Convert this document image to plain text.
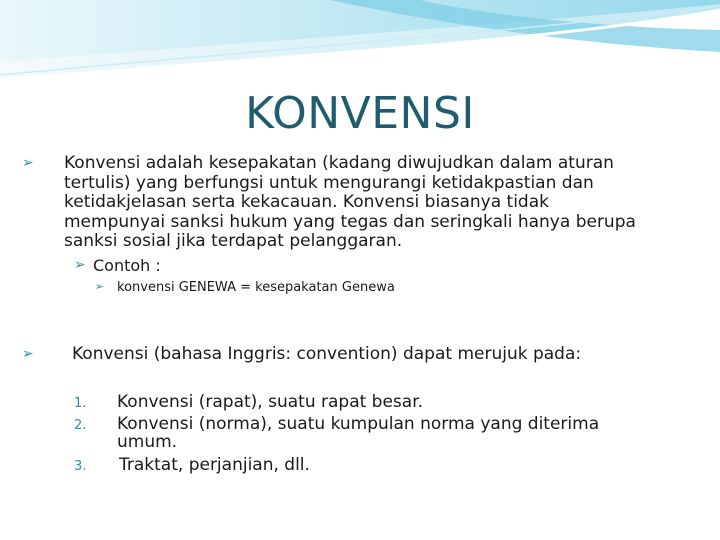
KONVENSI
➢ Konvensi adalah kesepakatan (kadang diwujudkan dalam aturan
tertulis) yang berfungsi untuk mengurangi ketidakpastian dan
ketidakjelasan serta kekacauan. Konvensi biasanya tidak
mempunyai sanksi hukum yang tegas dan seringkali hanya berupa
sanksi sosial jika terdapat pelanggaran.
➢ Contoh :
➢ konvensi GENEWA = kesepakatan Genewa
➢ Konvensi (bahasa Inggris: convention) dapat merujuk pada:
1. Konvensi (rapat), suatu rapat besar.
2. Konvensi (norma), suatu kumpulan norma yang diterima
umum.
3. Traktat, perjanjian, dll.
